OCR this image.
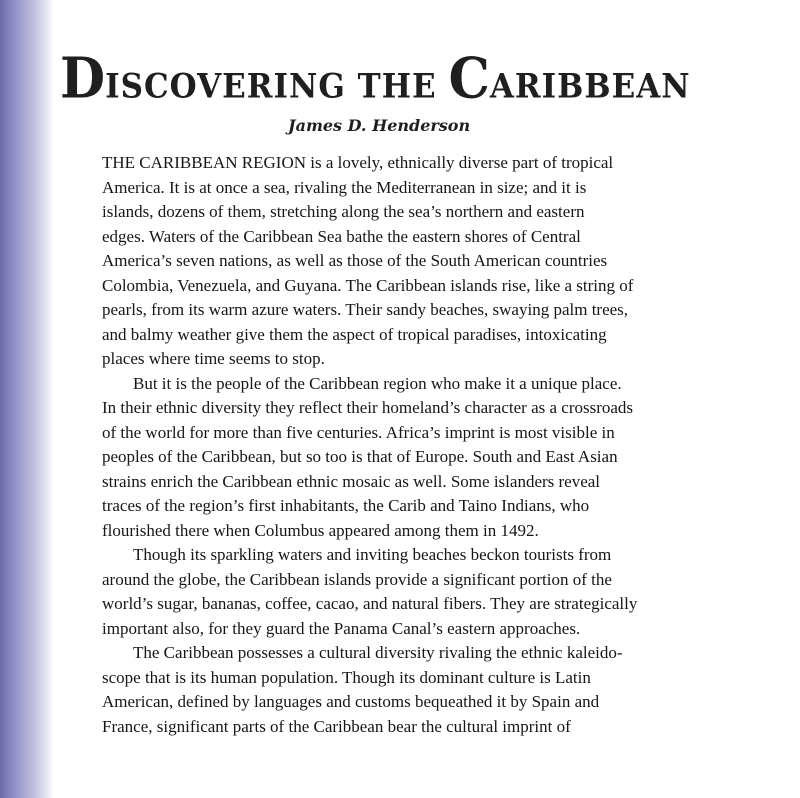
DISCOVERING THE CARIBBEAN

James D. Henderson

THE CARIBBEAN REGION is a lovely, ethnically diverse part of tropical
America. It is at once a sea, rivaling the Mediterranean in size; and it is
islands, dozens of them, stretching along the sea’s northern and eastern
edges. Waters of the Caribbean Sea bathe the eastern shores of Central
America’s seven nations, as well as those of the South American countries
Colombia, Venezuela, and Guyana. The Caribbean islands rise, like a string of
pearls, from its warm azure waters. Their sandy beaches, swaying palm trees,
and balmy weather give them the aspect of tropical paradises, intoxicating
places where time seems to stop.
But it is the people of the Caribbean region who make it a unique place.
In their ethnic diversity they reflect their homeland’s character as a crossroads
of the world for more than five centuries. Africa’s imprint is most visible in
peoples of the Caribbean, but so too is that of Europe. South and East Asian
strains enrich the Caribbean ethnic mosaic as well. Some islanders reveal
traces of the region’s first inhabitants, the Carib and Taino Indians, who
flourished there when Columbus appeared among them in 1492.
Though its sparkling waters and inviting beaches beckon tourists from
around the globe, the Caribbean islands provide a significant portion of the
world’s sugar, bananas, coffee, cacao, and natural fibers. They are strategically
important also, for they guard the Panama Canal’s eastern approaches.
The Caribbean possesses a cultural diversity rivaling the ethnic kaleido-
scope that is its human population. Though its dominant culture is Latin
American, defined by languages and customs bequeathed it by Spain and
France, significant parts of the Caribbean bear the cultural imprint of
